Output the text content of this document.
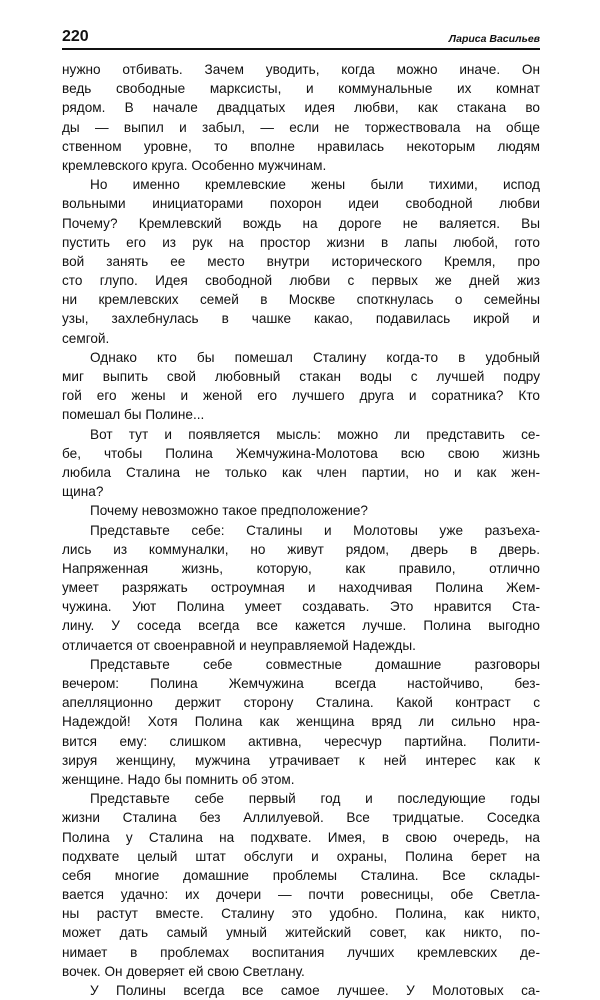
220	Лариса Васильев
нужно отбивать. Зачем уводить, когда можно иначе. Он
ведь свободные марксисты, и коммунальные их комнат
рядом. В начале двадцатых идея любви, как стакана во
ды — выпил и забыл, — если не торжествовала на обще
ственном уровне, то вполне нравилась некоторым людям
кремлевского круга. Особенно мужчинам.
Но именно кремлевские жены были тихими, испод
вольными инициаторами похорон идеи свободной любви
Почему? Кремлевский вождь на дороге не валяется. Вы
пустить его из рук на простор жизни в лапы любой, гото
вой занять ее место внутри исторического Кремля, про
сто глупо. Идея свободной любви с первых же дней жиз
ни кремлевских семей в Москве споткнулась о семейны
узы, захлебнулась в чашке какао, подавилась икрой и
семгой.
Однако кто бы помешал Сталину когда-то в удобный
миг выпить свой любовный стакан воды с лучшей подру
гой его жены и женой его лучшего друга и соратника? Кто
помешал бы Полине...
Вот тут и появляется мысль: можно ли представить се-
бе, чтобы Полина Жемчужина-Молотова всю свою жизнь
любила Сталина не только как член партии, но и как жен-
щина?
Почему невозможно такое предположение?
Представьте себе: Сталины и Молотовы уже разъеха-
лись из коммуналки, но живут рядом, дверь в дверь.
Напряженная жизнь, которую, как правило, отлично
умеет разряжать остроумная и находчивая Полина Жем-
чужина. Уют Полина умеет создавать. Это нравится Ста-
лину. У соседа всегда все кажется лучше. Полина выгодно
отличается от своенравной и неуправляемой Надежды.
Представьте себе совместные домашние разговоры
вечером: Полина Жемчужина всегда настойчиво, без-
апелляционно держит сторону Сталина. Какой контраст с
Надеждой! Хотя Полина как женщина вряд ли сильно нра-
вится ему: слишком активна, чересчур партийна. Полити-
зируя женщину, мужчина утрачивает к ней интерес как к
женщине. Надо бы помнить об этом.
Представьте себе первый год и последующие годы
жизни Сталина без Аллилуевой. Все тридцатые. Соседка
Полина у Сталина на подхвате. Имея, в свою очередь, на
подхвате целый штат обслуги и охраны, Полина берет на
себя многие домашние проблемы Сталина. Все склады-
вается удачно: их дочери — почти ровесницы, обе Светла-
ны растут вместе. Сталину это удобно. Полина, как никто,
может дать самый умный житейский совет, как никто, по-
нимает в проблемах воспитания лучших кремлевских де-
вочек. Он доверяет ей свою Светлану.
У Полины всегда все самое лучшее. У Молотовых са-
